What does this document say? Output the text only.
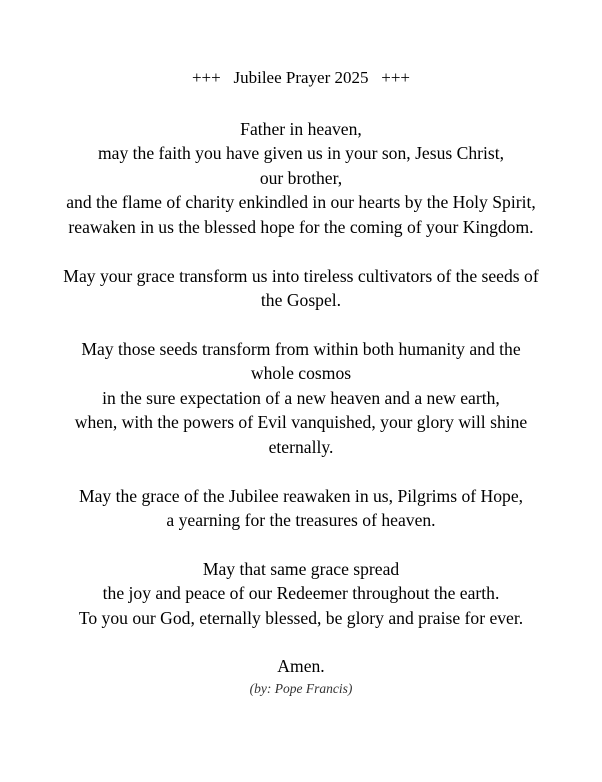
+++   Jubilee Prayer 2025   +++
Father in heaven,
may the faith you have given us in your son, Jesus Christ,
our brother,
and the flame of charity enkindled in our hearts by the Holy Spirit,
reawaken in us the blessed hope for the coming of your Kingdom.
May your grace transform us into tireless cultivators of the seeds of
the Gospel.
May those seeds transform from within both humanity and the
whole cosmos
in the sure expectation of a new heaven and a new earth,
when, with the powers of Evil vanquished, your glory will shine
eternally.
May the grace of the Jubilee reawaken in us, Pilgrims of Hope,
a yearning for the treasures of heaven.
May that same grace spread
the joy and peace of our Redeemer throughout the earth.
To you our God, eternally blessed, be glory and praise for ever.
Amen.
(by: Pope Francis)
